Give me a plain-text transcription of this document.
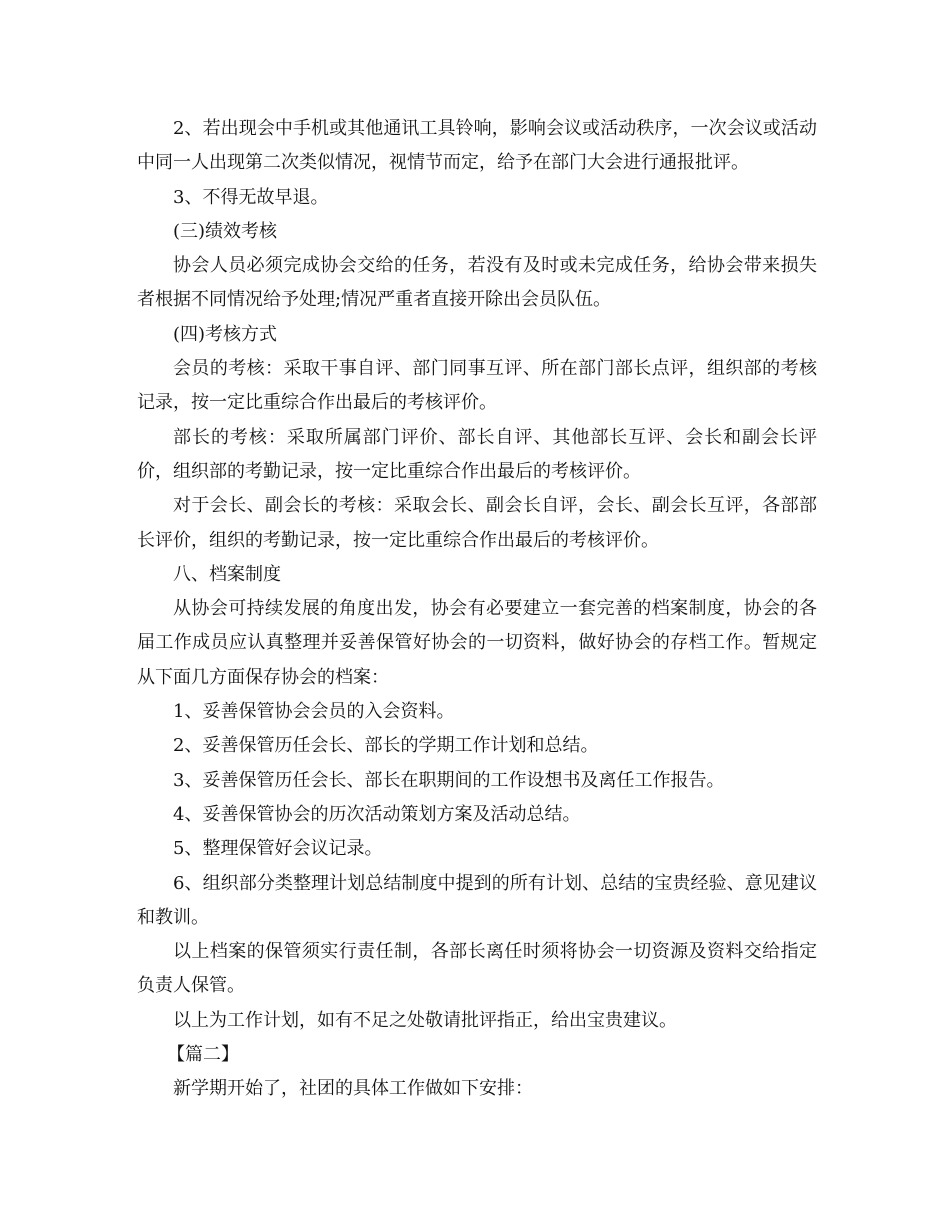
2、若出现会中手机或其他通讯工具铃响，影响会议或活动秩序，一次会议或活动中同一人出现第二次类似情况，视情节而定，给予在部门大会进行通报批评。

3、不得无故早退。

(三)绩效考核

协会人员必须完成协会交给的任务，若没有及时或未完成任务，给协会带来损失者根据不同情况给予处理;情况严重者直接开除出会员队伍。

(四)考核方式

会员的考核：采取干事自评、部门同事互评、所在部门部长点评，组织部的考核记录，按一定比重综合作出最后的考核评价。

部长的考核：采取所属部门评价、部长自评、其他部长互评、会长和副会长评价，组织部的考勤记录，按一定比重综合作出最后的考核评价。

对于会长、副会长的考核：采取会长、副会长自评，会长、副会长互评，各部部长评价，组织的考勤记录，按一定比重综合作出最后的考核评价。

八、档案制度

从协会可持续发展的角度出发，协会有必要建立一套完善的档案制度，协会的各届工作成员应认真整理并妥善保管好协会的一切资料，做好协会的存档工作。暂规定从下面几方面保存协会的档案：

1、妥善保管协会会员的入会资料。

2、妥善保管历任会长、部长的学期工作计划和总结。

3、妥善保管历任会长、部长在职期间的工作设想书及离任工作报告。

4、妥善保管协会的历次活动策划方案及活动总结。

5、整理保管好会议记录。

6、组织部分类整理计划总结制度中提到的所有计划、总结的宝贵经验、意见建议和教训。

以上档案的保管须实行责任制，各部长离任时须将协会一切资源及资料交给指定负责人保管。

以上为工作计划，如有不足之处敬请批评指正，给出宝贵建议。

【篇二】

新学期开始了，社团的具体工作做如下安排：
